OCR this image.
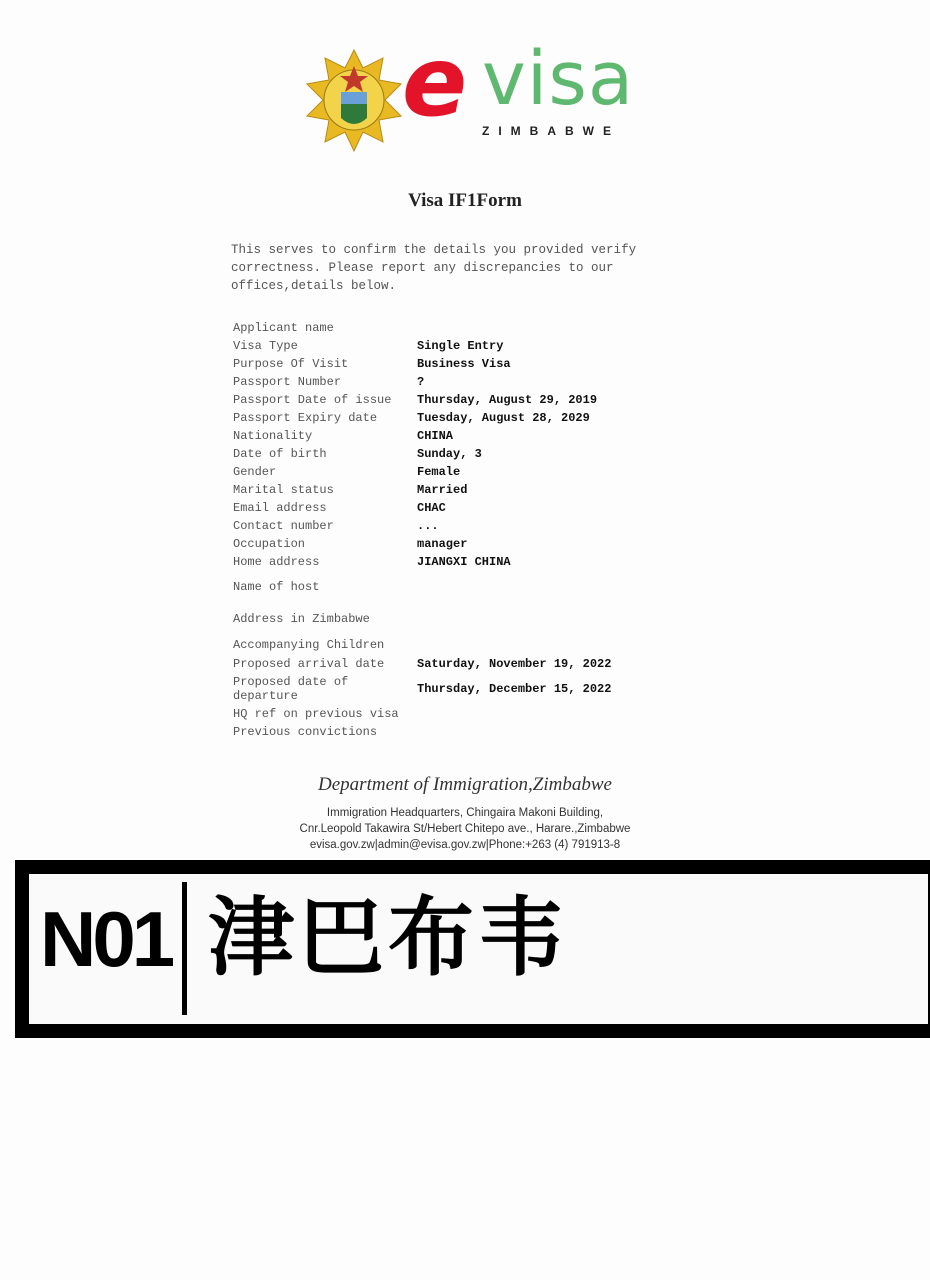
e visa
ZIMBABWE
Visa IF1Form
This serves to confirm the details you provided verify correctness. Please report any discrepancies to our offices,details below.
Applicant name
Visa Type	Single Entry
Purpose Of Visit	Business Visa
Passport Number	?
Passport Date of issue	Thursday, August 29, 2019
Passport Expiry date	Tuesday, August 28, 2029
Nationality	CHINA
Date of birth	Sunday, 3
Gender	Female
Marital status	Married
Email address	CHAC
Contact number	...
Occupation	manager
Home address	JIANGXI CHINA
Name of host
Address in Zimbabwe
Accompanying Children
Proposed arrival date	Saturday, November 19, 2022
Proposed date of departure	Thursday, December 15, 2022
HQ ref on previous visa
Previous convictions
Department of Immigration,Zimbabwe
Immigration Headquarters, Chingaira Makoni Building,
Cnr.Leopold Takawira St/Hebert Chitepo ave., Harare.,Zimbabwe
evisa.gov.zw|admin@evisa.gov.zw|Phone:+263 (4) 791913-8
N01 津巴布韦
